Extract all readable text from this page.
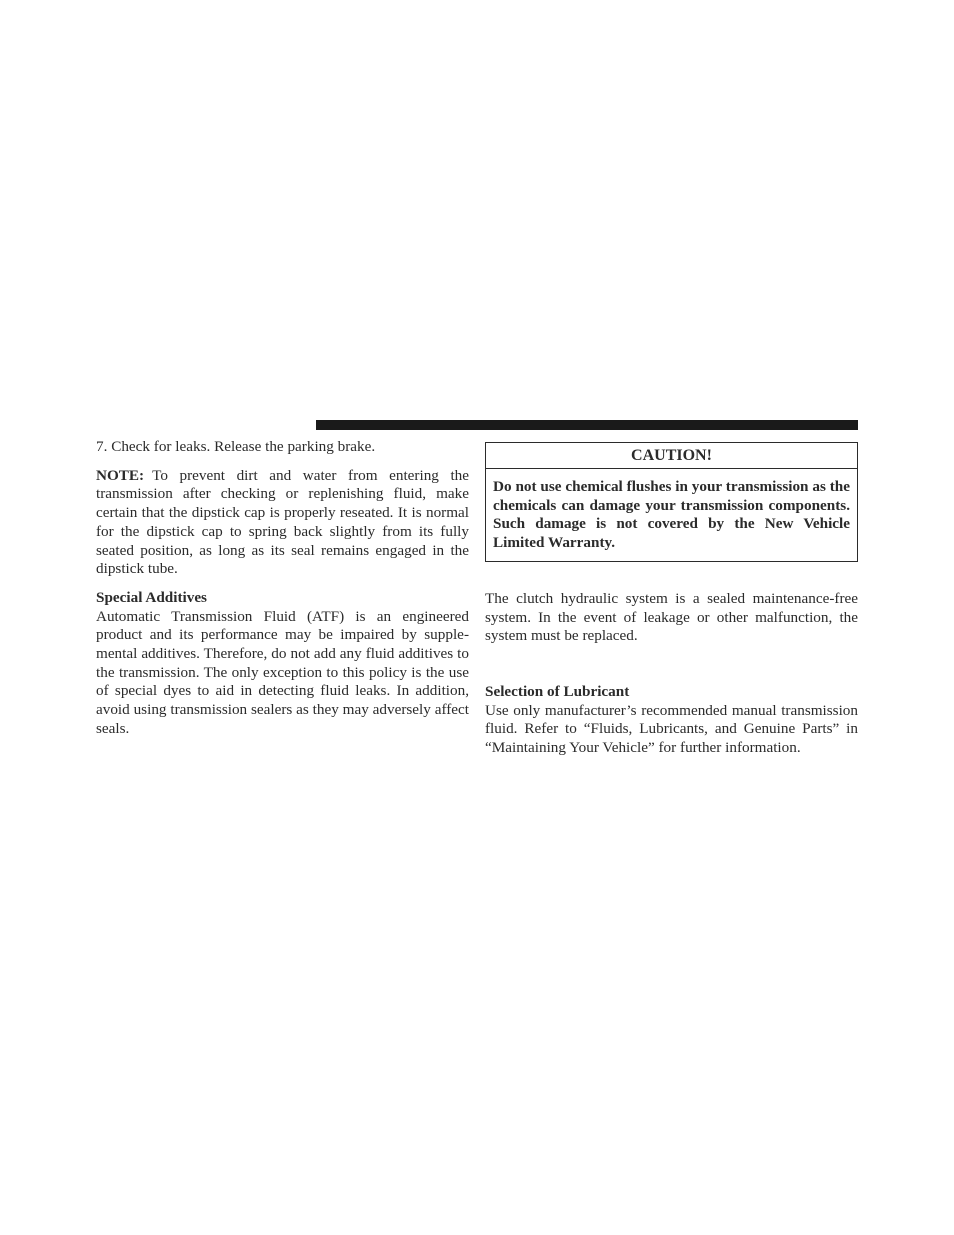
7. Check for leaks. Release the parking brake.

NOTE: To prevent dirt and water from entering the transmission after checking or replenishing fluid, make certain that the dipstick cap is properly reseated. It is normal for the dipstick cap to spring back slightly from its fully seated position, as long as its seal remains engaged in the dipstick tube.

Special Additives

Automatic Transmission Fluid (ATF) is an engineered product and its performance may be impaired by supplemental additives. Therefore, do not add any fluid additives to the transmission. The only exception to this policy is the use of special dyes to aid in detecting fluid leaks. In addition, avoid using transmission sealers as they may adversely affect seals.

CAUTION!

Do not use chemical flushes in your transmission as the chemicals can damage your transmission components. Such damage is not covered by the New Vehicle Limited Warranty.

The clutch hydraulic system is a sealed maintenance-free system. In the event of leakage or other malfunction, the system must be replaced.

Selection of Lubricant

Use only manufacturer’s recommended manual transmission fluid. Refer to “Fluids, Lubricants, and Genuine Parts” in “Maintaining Your Vehicle” for further information.
